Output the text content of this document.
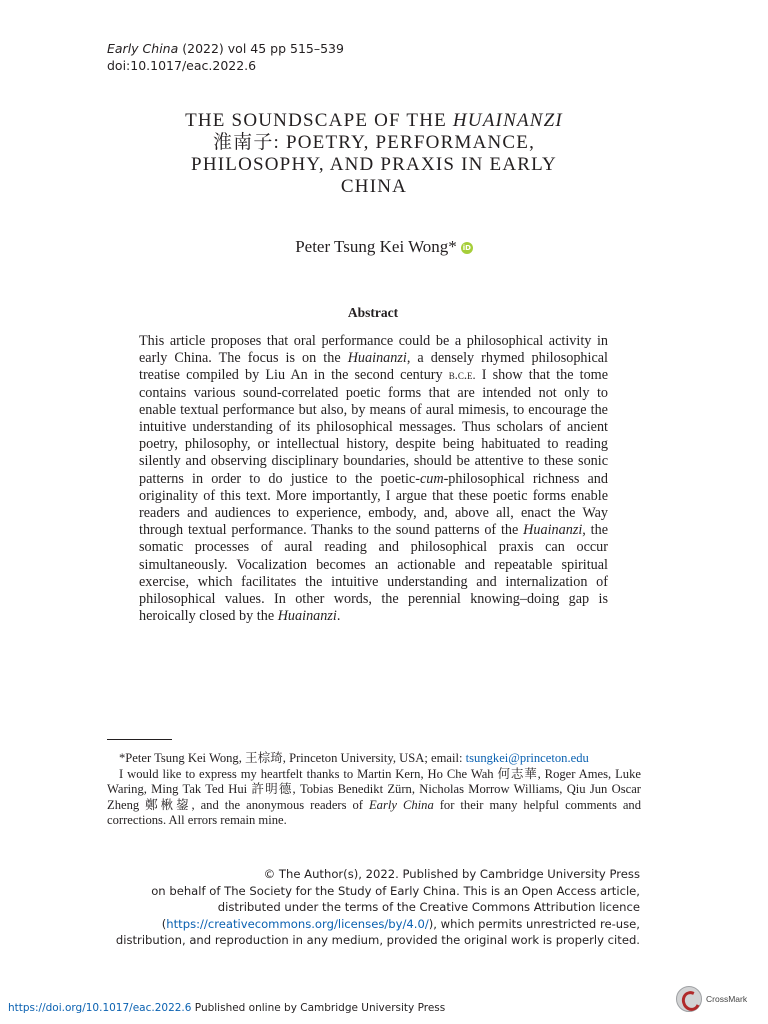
Early China (2022) vol 45 pp 515–539
doi:10.1017/eac.2022.6
THE SOUNDSCAPE OF THE HUAINANZI
淮南子: POETRY, PERFORMANCE,
PHILOSOPHY, AND PRAXIS IN EARLY
CHINA
Peter Tsung Kei Wong* iD
Abstract
This article proposes that oral performance could be a philosophical activity in early China. The focus is on the Huainanzi, a densely rhymed philosophical treatise compiled by Liu An in the second century b.c.e. I show that the tome contains various sound-correlated poetic forms that are intended not only to enable textual performance but also, by means of aural mimesis, to encourage the intuitive understanding of its philosophical messages. Thus scholars of ancient poetry, philosophy, or intellectual history, despite being habituated to reading silently and observing disciplinary boundaries, should be attentive to these sonic patterns in order to do justice to the poetic-cum-philosophical richness and originality of this text. More importantly, I argue that these poetic forms enable readers and audiences to experience, embody, and, above all, enact the Way through textual performance. Thanks to the sound patterns of the Huainanzi, the somatic processes of aural reading and philosophical praxis can occur simultaneously. Vocalization becomes an actionable and repeatable spiritual exercise, which facilitates the intuitive understanding and internalization of philosophical values. In other words, the perennial knowing–doing gap is heroically closed by the Huainanzi.

*Peter Tsung Kei Wong, 王棕琦, Princeton University, USA; email: tsungkei@princeton.edu

I would like to express my heartfelt thanks to Martin Kern, Ho Che Wah 何志華, Roger Ames, Luke Waring, Ming Tak Ted Hui 許明德, Tobias Benedikt Zürn, Nicholas Morrow Williams, Qiu Jun Oscar Zheng 鄭楸鋆, and the anonymous readers of Early China for their many helpful comments and corrections. All errors remain mine.

© The Author(s), 2022. Published by Cambridge University Press
on behalf of The Society for the Study of Early China. This is an Open Access article,
distributed under the terms of the Creative Commons Attribution licence
(https://creativecommons.org/licenses/by/4.0/), which permits unrestricted re-use,
distribution, and reproduction in any medium, provided the original work is properly cited.
https://doi.org/10.1017/eac.2022.6 Published online by Cambridge University Press
CrossMark
